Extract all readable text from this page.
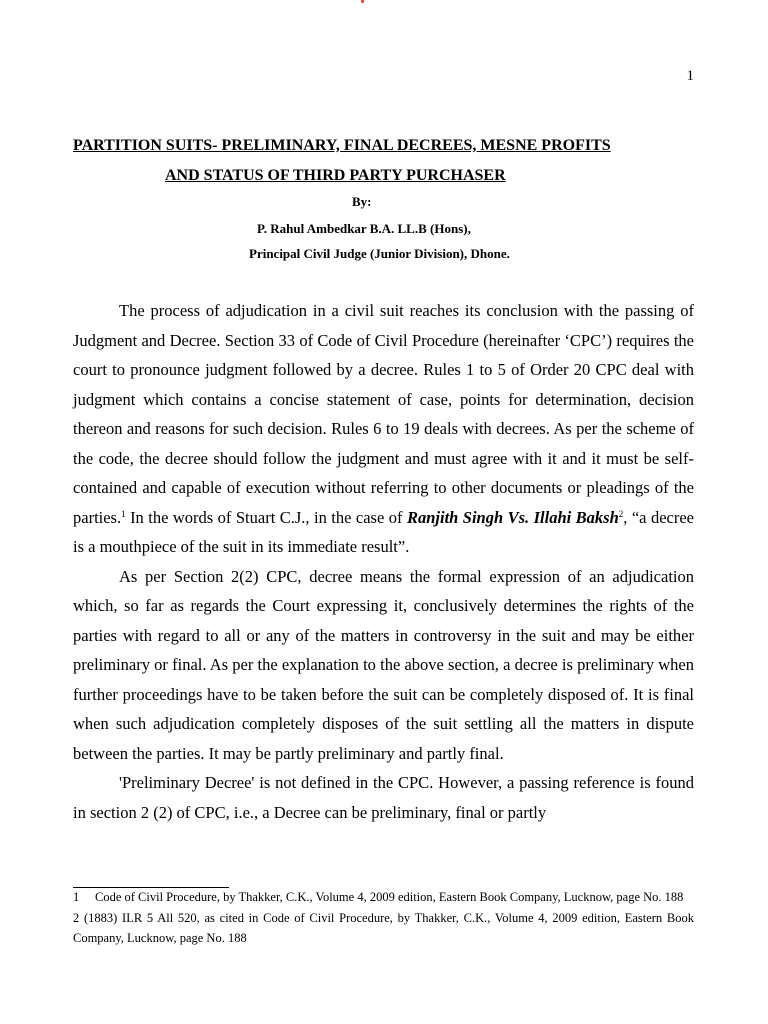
1
PARTITION SUITS- PRELIMINARY, FINAL DECREES, MESNE PROFITS
AND STATUS OF THIRD PARTY PURCHASER
By:
P. Rahul Ambedkar B.A. LL.B (Hons),
Principal Civil Judge (Junior Division), Dhone.

The process of adjudication in a civil suit reaches its conclusion with the passing of Judgment and Decree. Section 33 of Code of Civil Procedure (hereinafter ‘CPC’) requires the court to pronounce judgment followed by a decree. Rules 1 to 5 of Order 20 CPC deal with judgment which contains a concise statement of case, points for determination, decision thereon and reasons for such decision. Rules 6 to 19 deals with decrees. As per the scheme of the code, the decree should follow the judgment and must agree with it and it must be self-contained and capable of execution without referring to other documents or pleadings of the parties.$^1$ In the words of Stuart C.J., in the case of Ranjith Singh Vs. Illahi Baksh$^2$, “a decree is a mouthpiece of the suit in its immediate result”.

As per Section 2(2) CPC, decree means the formal expression of an adjudication which, so far as regards the Court expressing it, conclusively determines the rights of the parties with regard to all or any of the matters in controversy in the suit and may be either preliminary or final. As per the explanation to the above section, a decree is preliminary when further proceedings have to be taken before the suit can be completely disposed of. It is final when such adjudication completely disposes of the suit settling all the matters in dispute between the parties. It may be partly preliminary and partly final.

'Preliminary Decree' is not defined in the CPC. However, a passing reference is found in section 2 (2) of CPC, i.e., a Decree can be preliminary, final or partly

1 Code of Civil Procedure, by Thakker, C.K., Volume 4, 2009 edition, Eastern Book Company, Lucknow, page No. 188
2 (1883) ILR 5 All 520, as cited in Code of Civil Procedure, by Thakker, C.K., Volume 4, 2009 edition, Eastern Book Company, Lucknow, page No. 188
